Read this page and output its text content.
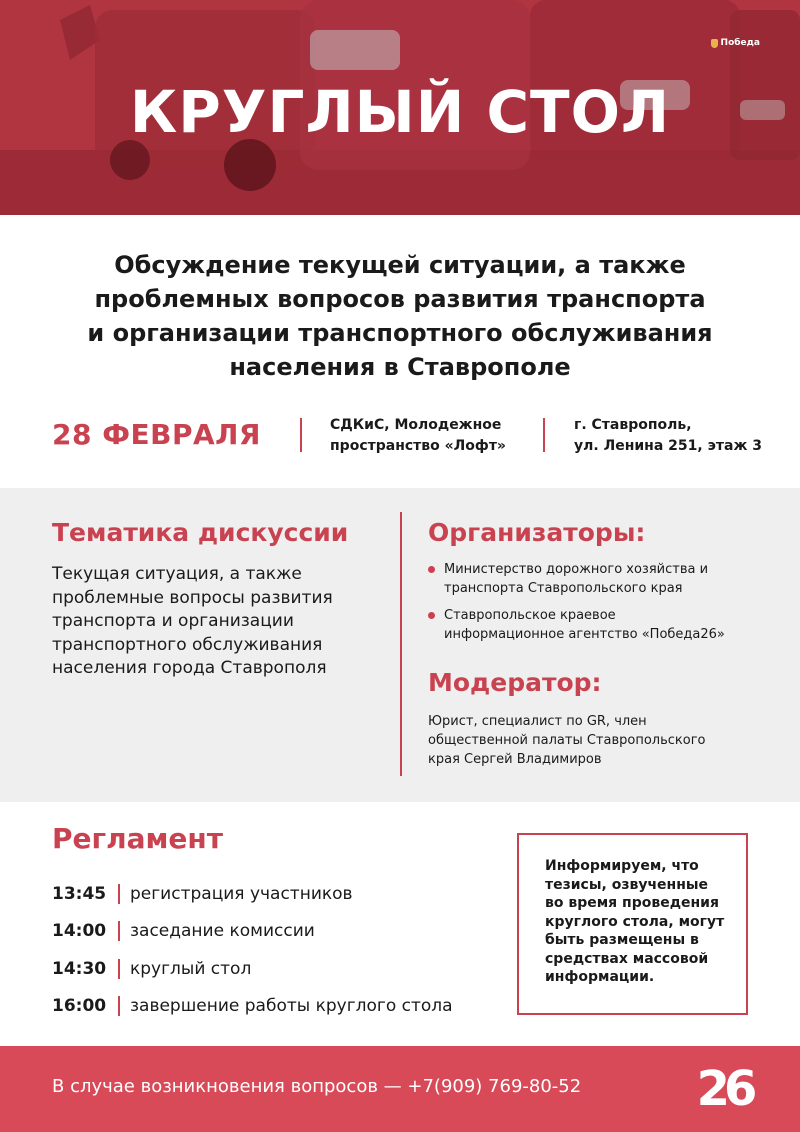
Победа
КРУГЛЫЙ СТОЛ
Обсуждение текущей ситуации, а также
проблемных вопросов развития транспорта
и организации транспортного обслуживания
населения в Ставрополе
28 ФЕВРАЛЯ	СДКиС, Молодежное
пространство «Лофт»
г. Ставрополь,
ул. Ленина 251, этаж 3
Тематика дискуссии
Текущая ситуация, а также
проблемные вопросы развития
транспорта и организации
транспортного обслуживания
населения города Ставрополя
Организаторы:
Министерство дорожного хозяйства и
транспорта Ставропольского края
Ставропольское краевое
информационное агентство «Победа26»
Модератор:
Юрист, специалист по GR, член
общественной палаты Ставропольского
края Сергей Владимиров
Регламент
13:45	регистрация участников
14:00	заседание комиссии
14:30	круглый стол
16:00	завершение работы круглого стола
Информируем, что
тезисы, озвученные
во время проведения
круглого стола, могут
быть размещены в
средствах массовой
информации.
В случае возникновения вопросов — +7(909) 769-80-52 26
